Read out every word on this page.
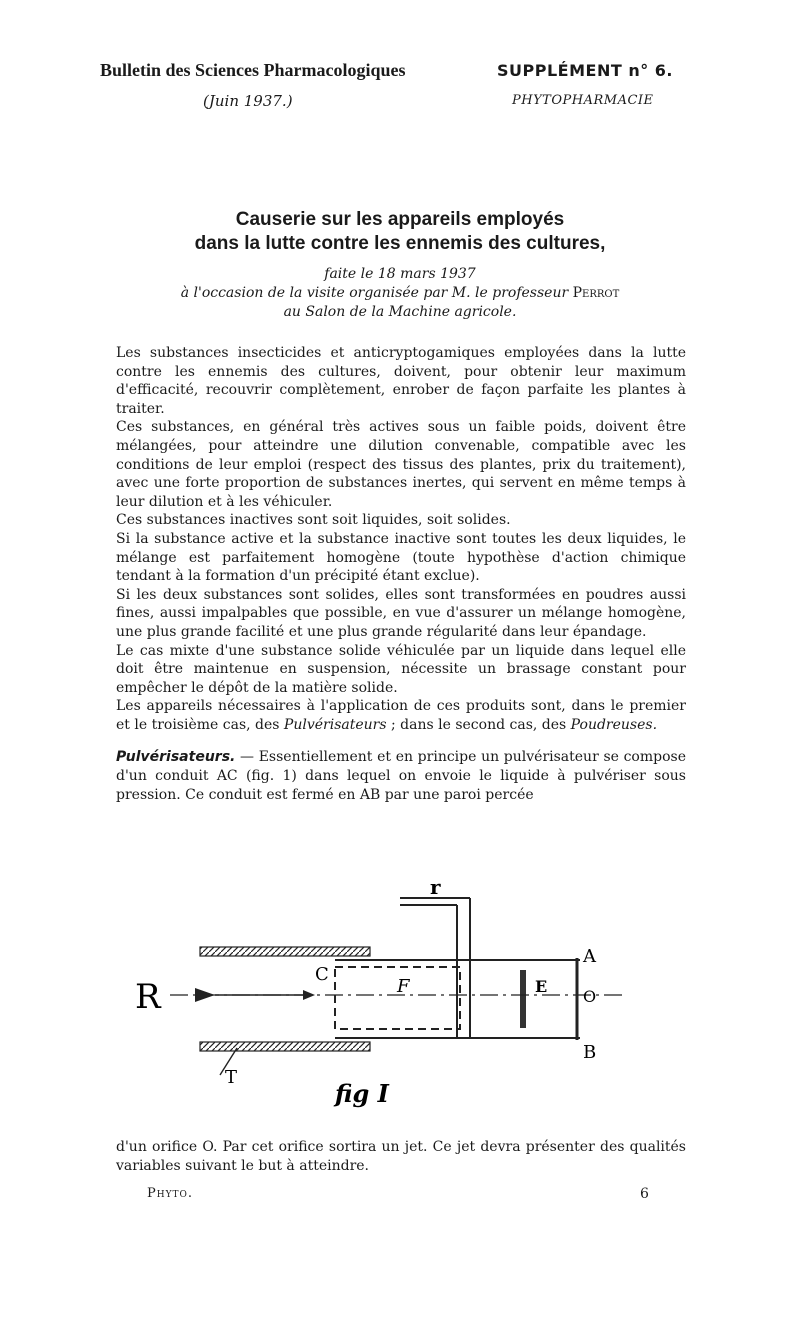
Bulletin des Sciences Pharmacologiques
(Juin 1937.)
SUPPLÉMENT n° 6.
PHYTOPHARMACIE
Causerie sur les appareils employés
dans la lutte contre les ennemis des cultures,
faite le 18 mars 1937
à l'occasion de la visite organisée par M. le professeur Perrot
au Salon de la Machine agricole.

Les substances insecticides et anticryptogamiques employées dans la lutte contre les ennemis des cultures, doivent, pour obtenir leur maximum d'efficacité, recouvrir complètement, enrober de façon parfaite les plantes à traiter.

Ces substances, en général très actives sous un faible poids, doivent être mélangées, pour atteindre une dilution convenable, compatible avec les conditions de leur emploi (respect des tissus des plantes, prix du traitement), avec une forte proportion de substances inertes, qui servent en même temps à leur dilution et à les véhiculer.

Ces substances inactives sont soit liquides, soit solides.

Si la substance active et la substance inactive sont toutes les deux liquides, le mélange est parfaitement homogène (toute hypothèse d'action chimique tendant à la formation d'un précipité étant exclue).

Si les deux substances sont solides, elles sont transformées en poudres aussi fines, aussi impalpables que possible, en vue d'assurer un mélange homogène, une plus grande facilité et une plus grande régularité dans leur épandage.

Le cas mixte d'une substance solide véhiculée par un liquide dans lequel elle doit être maintenue en suspension, nécessite un brassage constant pour empêcher le dépôt de la matière solide.

Les appareils nécessaires à l'application de ces produits sont, dans le premier et le troisième cas, des Pulvérisateurs ; dans le second cas, des Poudreuses.

Pulvérisateurs. — Essentiellement et en principe un pulvérisateur se compose d'un conduit AC (fig. 1) dans lequel on envoie le liquide à pulvériser sous pression. Ce conduit est fermé en AB par une paroi percée

r
A
B
C
E
F	O
T
R
fig I
d'un orifice O. Par cet orifice sortira un jet. Ce jet devra présenter des qualités variables suivant le but à atteindre.
Phyto.	6
